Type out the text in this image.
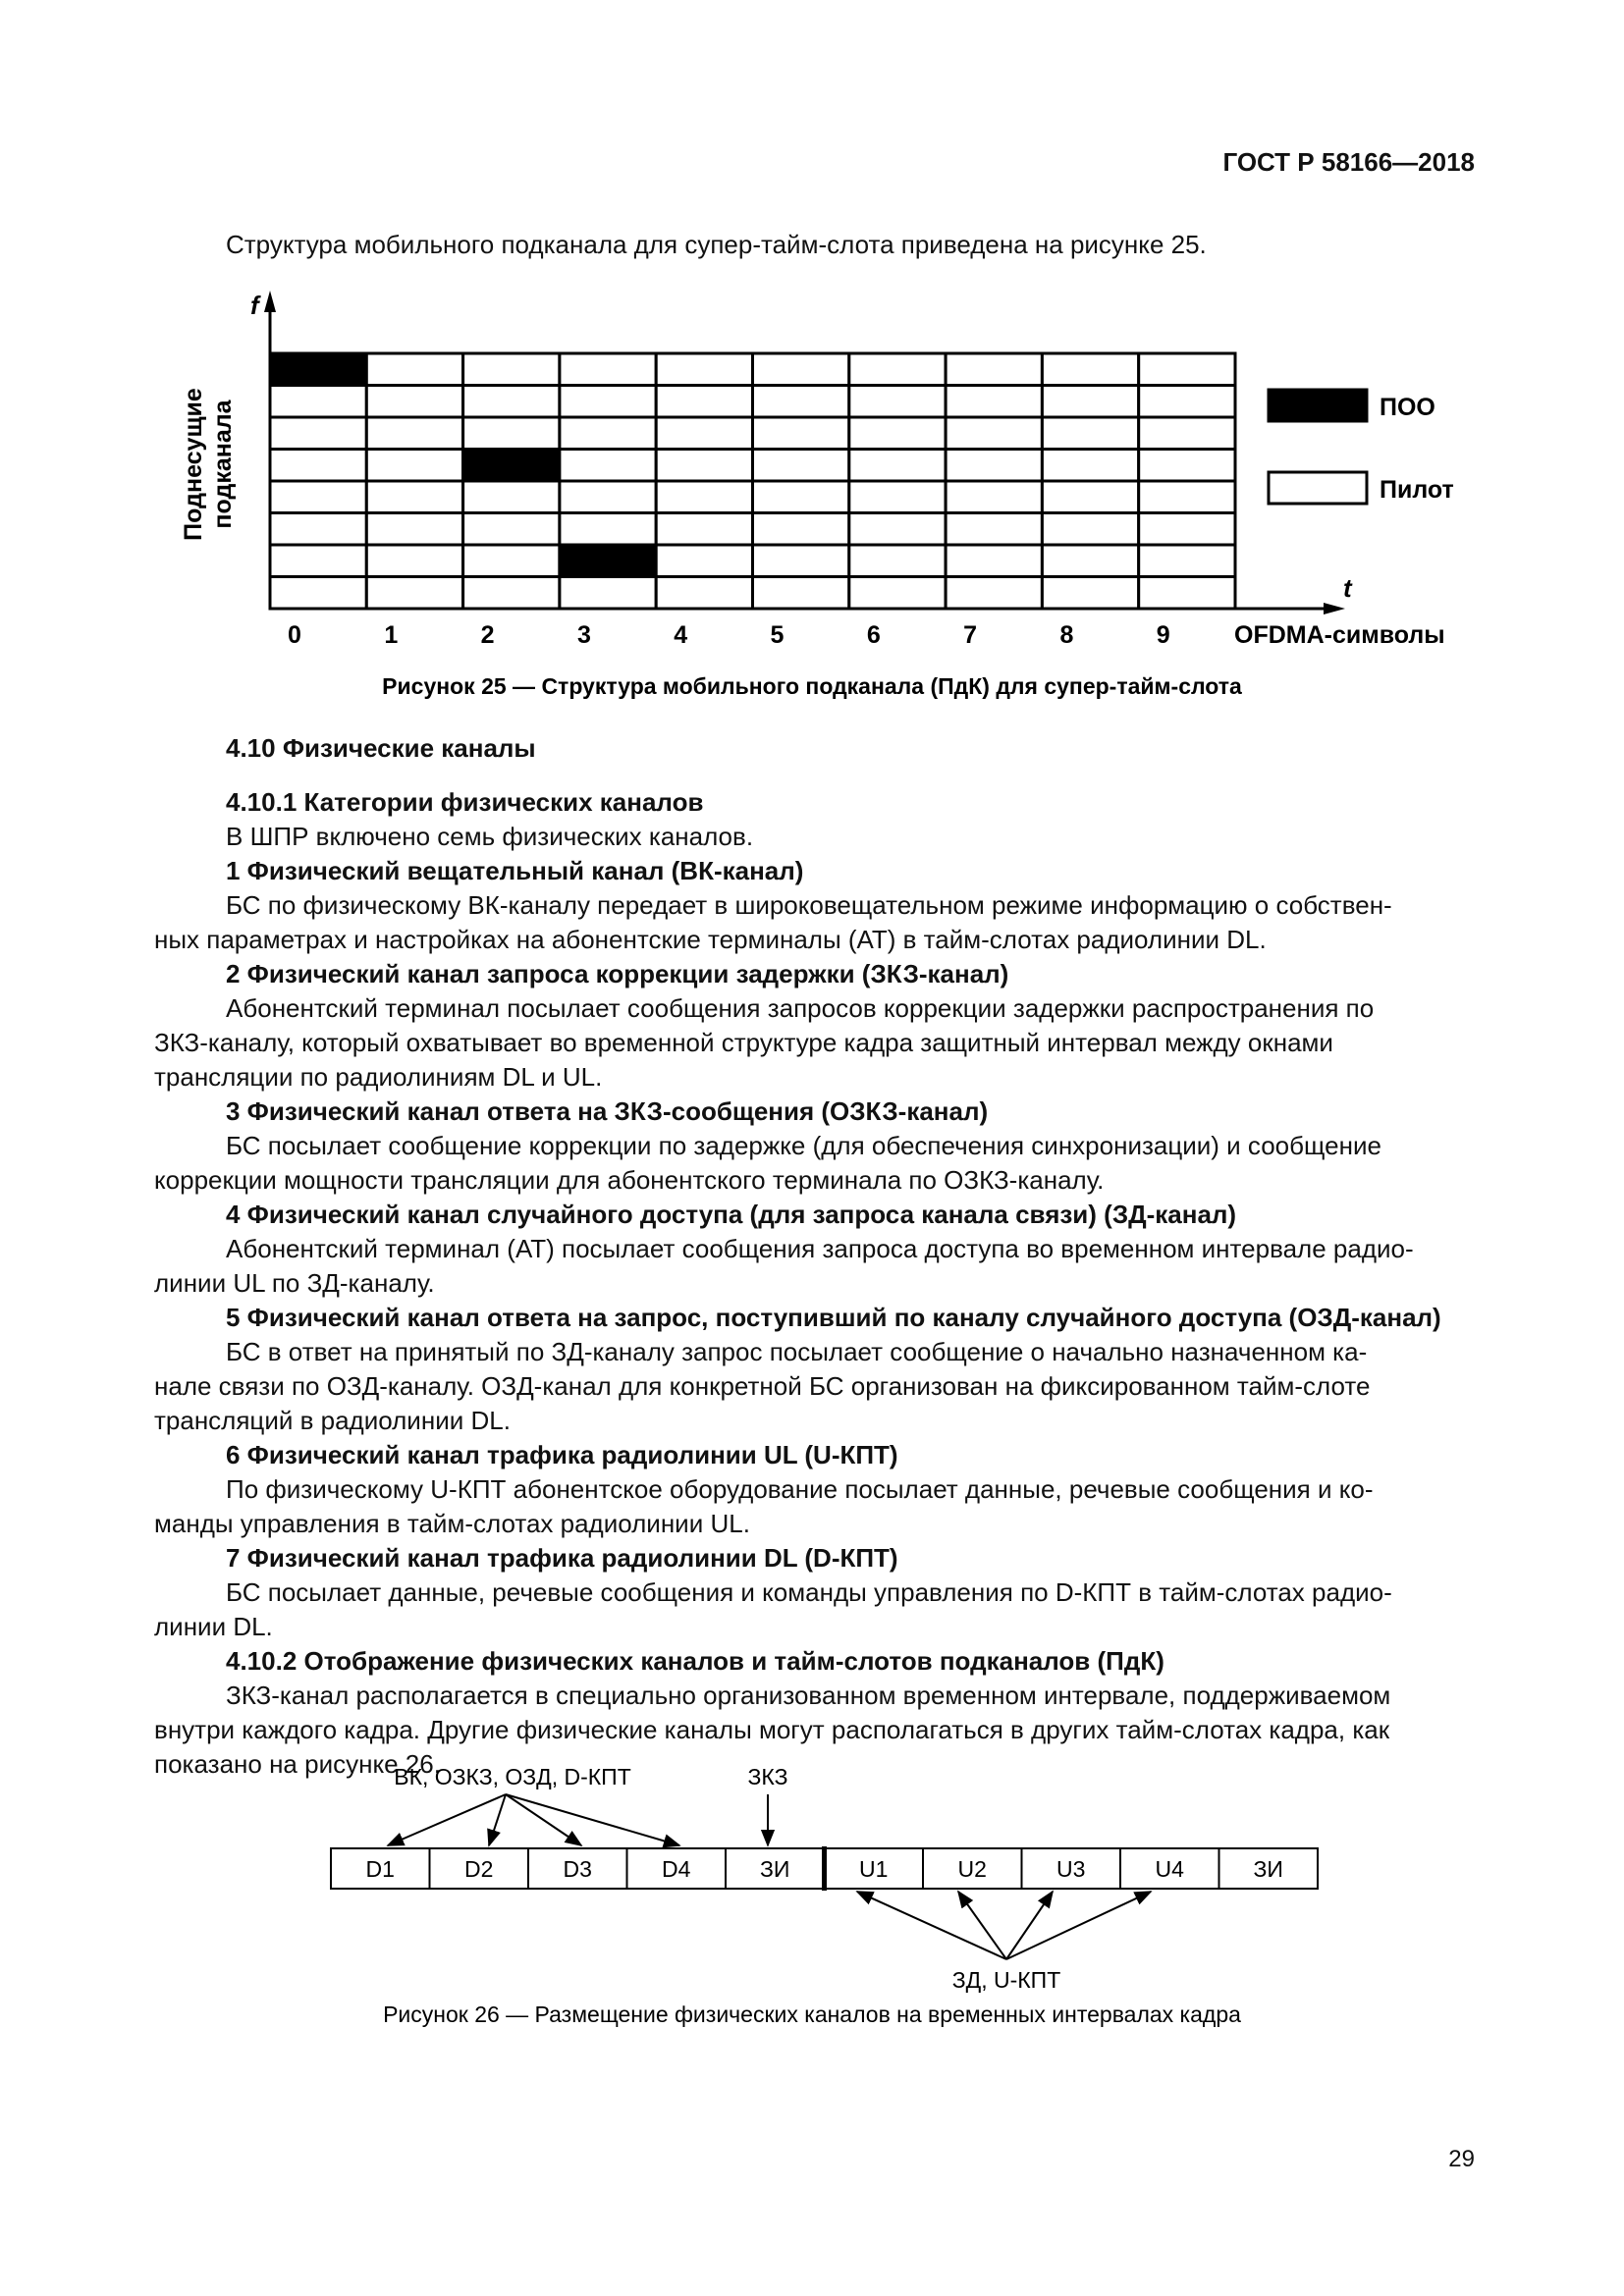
ГОСТ Р 58166—2018

Структура мобильного подканала для супер-тайм-слота приведена на рисунке 25.

f
t
Поднесущие подканала
0	1	2	3	4	5	6	7	8	9	OFDMA-символы
ПОО
Пилот
Рисунок 25 — Структура мобильного подканала (ПдК) для супер-тайм-слота

4.10 Физические каналы

4.10.1 Категории физических каналов

В ШПР включено семь физических каналов.

1 Физический вещательный канал (ВК-канал)

БС по физическому ВК-каналу передает в широковещательном режиме информацию о собствен-

ных параметрах и настройках на абонентские терминалы (АТ) в тайм-слотах радиолинии DL.

2 Физический канал запроса коррекции задержки (ЗКЗ-канал)

Абонентский терминал посылает сообщения запросов коррекции задержки распространения по

ЗКЗ-каналу, который охватывает во временной структуре кадра защитный интервал между окнами

трансляции по радиолиниям DL и UL.

3 Физический канал ответа на ЗКЗ-сообщения (ОЗКЗ-канал)

БС посылает сообщение коррекции по задержке (для обеспечения синхронизации) и сообщение

коррекции мощности трансляции для абонентского терминала по ОЗКЗ-каналу.

4 Физический канал случайного доступа (для запроса канала связи) (ЗД-канал)

Абонентский терминал (АТ) посылает сообщения запроса доступа во временном интервале радио-

линии UL по ЗД-каналу.

5 Физический канал ответа на запрос, поступивший по каналу случайного доступа (ОЗД-канал)

БС в ответ на принятый по ЗД-каналу запрос посылает сообщение о начально назначенном ка-

нале связи по ОЗД-каналу. ОЗД-канал для конкретной БС организован на фиксированном тайм-слоте

трансляций в радиолинии DL.

6 Физический канал трафика радиолинии UL (U-КПТ)

По физическому U-КПТ абонентское оборудование посылает данные, речевые сообщения и ко-

манды управления в тайм-слотах радиолинии UL.

7 Физический канал трафика радиолинии DL (D-КПТ)

БС посылает данные, речевые сообщения и команды управления по D-КПТ в тайм-слотах радио-

линии DL.

4.10.2 Отображение физических каналов и тайм-слотов подканалов (ПдК)

ЗКЗ-канал располагается в специально организованном временном интервале, поддерживаемом

внутри каждого кадра. Другие физические каналы могут располагаться в других тайм-слотах кадра, как

показано на рисунке 26.

ВК, ОЗКЗ, ОЗД, D-КПТ	ЗКЗ
D1	D2	D3	D4	ЗИ	U1	U2	U3	U4	ЗИ
ЗД, U-КПТ
Рисунок 26 — Размещение физических каналов на временных интервалах кадра
29
